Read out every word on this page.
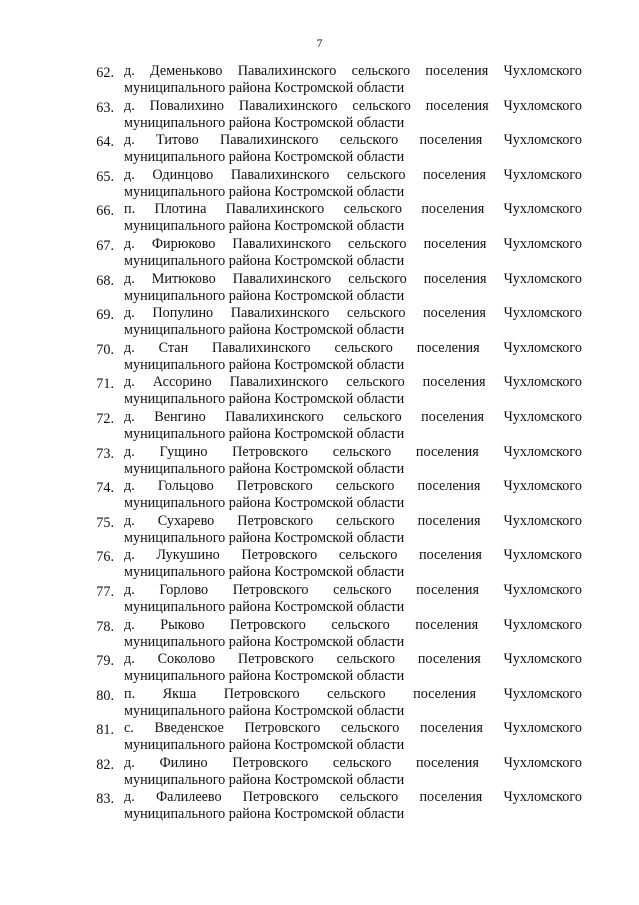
7
62. д. Деменьково Павалихинского сельского поселения Чухломского
муниципального района Костромской области
63. д. Повалихино Павалихинского сельского поселения Чухломского
муниципального района Костромской области
64. д. Титово Павалихинского сельского поселения Чухломского
муниципального района Костромской области
65. д. Одинцово Павалихинского сельского поселения Чухломского
муниципального района Костромской области
66. п. Плотина Павалихинского сельского поселения Чухломского
муниципального района Костромской области
67. д. Фирюково Павалихинского сельского поселения Чухломского
муниципального района Костромской области
68. д. Митюково Павалихинского сельского поселения Чухломского
муниципального района Костромской области
69. д. Популино Павалихинского сельского поселения Чухломского
муниципального района Костромской области
70. д. Стан Павалихинского сельского поселения Чухломского
муниципального района Костромской области
71. д. Ассорино Павалихинского сельского поселения Чухломского
муниципального района Костромской области
72. д. Венгино Павалихинского сельского поселения Чухломского
муниципального района Костромской области
73. д. Гущино Петровского сельского поселения Чухломского
муниципального района Костромской области
74. д. Гольцово Петровского сельского поселения Чухломского
муниципального района Костромской области
75. д. Сухарево Петровского сельского поселения Чухломского
муниципального района Костромской области
76. д. Лукушино Петровского сельского поселения Чухломского
муниципального района Костромской области
77. д. Горлово Петровского сельского поселения Чухломского
муниципального района Костромской области
78. д. Рыково Петровского сельского поселения Чухломского
муниципального района Костромской области
79. д. Соколово Петровского сельского поселения Чухломского
муниципального района Костромской области
80. п. Якша Петровского сельского поселения Чухломского
муниципального района Костромской области
81. с. Введенское Петровского сельского поселения Чухломского
муниципального района Костромской области
82. д. Филино Петровского сельского поселения Чухломского
муниципального района Костромской области
83. д. Фалилеево Петровского сельского поселения Чухломского
муниципального района Костромской области
